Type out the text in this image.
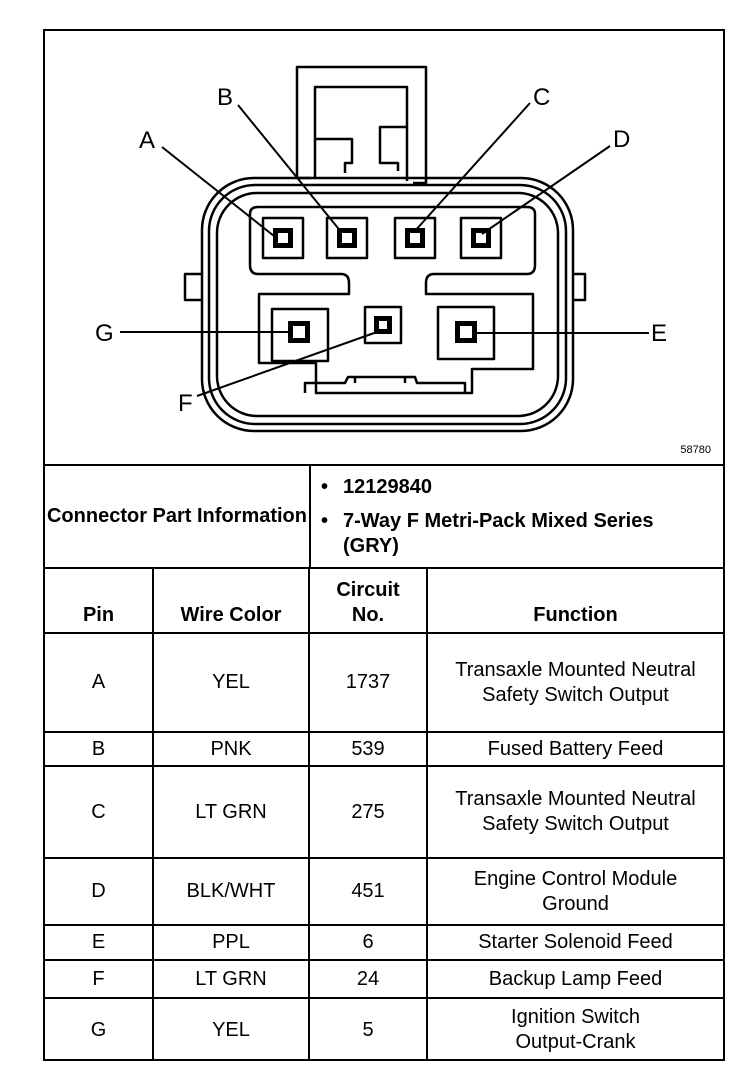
A
B	C
D
E
F
G
58780
Connector Part Information
• 12129840
• 7-Way F Metri-Pack Mixed Series (GRY)
Pin	Wire Color	Circuit No.	Function
A	YEL	1737	Transaxle Mounted Neutral Safety Switch Output

B	PNK	539	Fused Battery Feed

C	LT GRN	275	Transaxle Mounted Neutral Safety Switch Output

D	BLK/WHT	451	Engine Control Module Ground

E	PPL	6	Starter Solenoid Feed

F	LT GRN	24	Backup Lamp Feed

G	YEL	5	Ignition Switch Output-Crank
